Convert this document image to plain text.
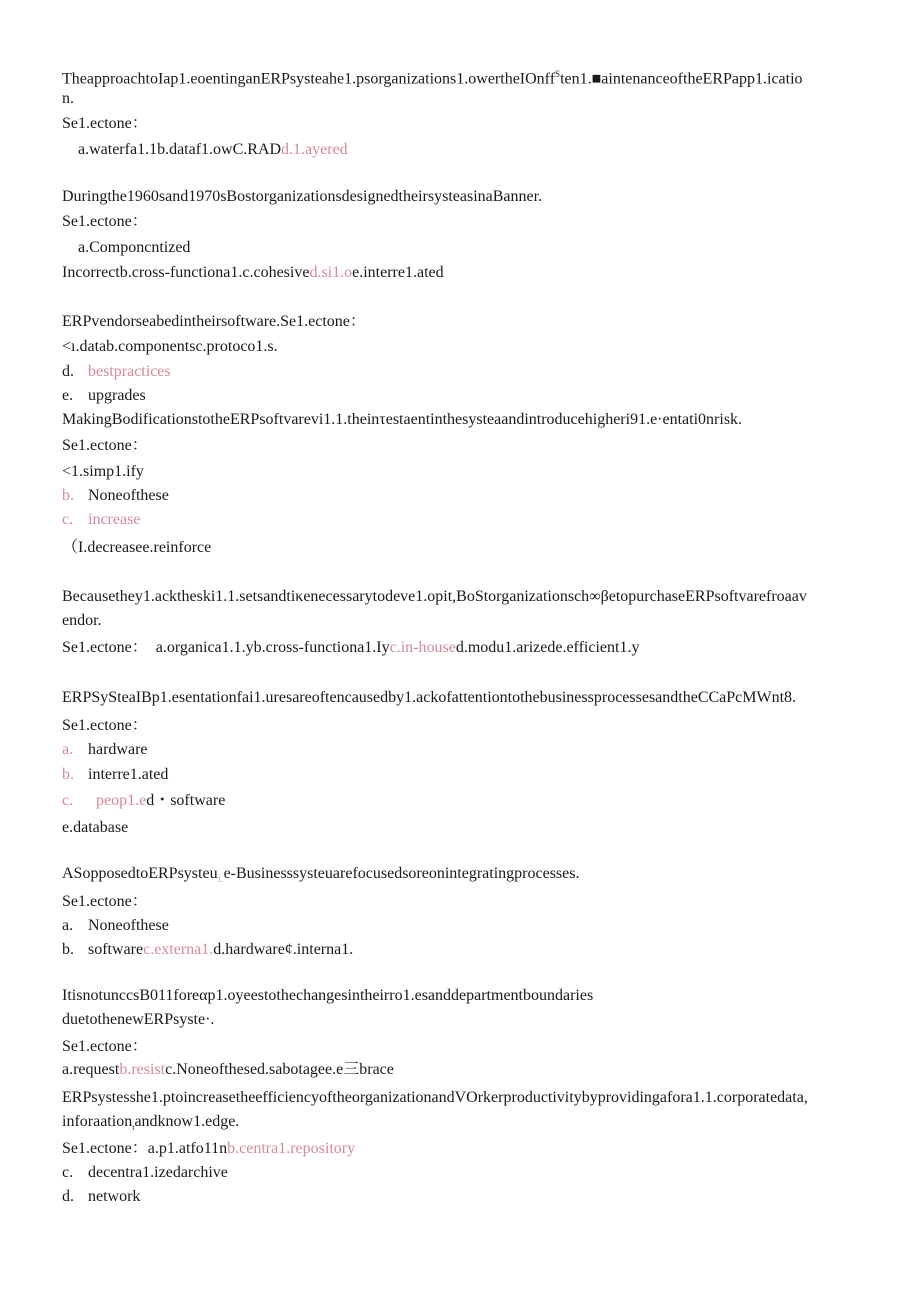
TheapproachtoIap1.eoentinganERPsysteahe1.psorganizations1.owertheIOnff$^S$ten1.■aintenanceoftheERPapp1.icatio
n.
Se1.ectone：
a.waterfa1.1b.dataf1.owC.RADd.1.ayered
Duringthe1960sand1970sBostorganizationsdesignedtheirsysteasinaBanner.
Se1.ectone：
a.Componcntized
Incorrectb.cross-functiona1.c.cohesived.si1.oe.interre1.ated
ERPvendorseabedintheirsoftware.Se1.ectone：
<ı.datab.componentsc.protoco1.s.
d. bestpractices
e. upgrades
MakingBodificationstotheERPsoftvarevi1.1.theinτestaentinthesysteaandintroducehigheri91.e·entati0nrisk.
Se1.ectone：
<1.simp1.ify
b. Noneofthese
c. increase
（I.decreasee.reinforce
Becausethey1.acktheski1.1.setsandtiκenecessarytodeve1.opit,BoStorganizationsch∞βetopurchaseERPsoftvarefroaav
endor.
Se1.ectone： a.organica1.1.yb.cross-functiona1.Iyc.in-housed.modu1.arizede.efficient1.y
ERPSySteaIBp1.esentationfai1.uresareoftencausedby1.ackofattentiontothebusinessprocessesandtheCCaPcMWnt8.
Se1.ectone：
a. hardware
b. interre1.ated
c. peop1.ed・software
e.database
ASopposedtoERPsysteu$_{1.}$e-Businesssysteuarefocusedsoreonintegratingprocesses.
Se1.ectone：
a. Noneofthese
b. softwarec.externa1.d.hardware¢.interna1.
ItisnotunccsB011foreαp1.oyeestothechangesintheirro1.esanddepartmentboundaries
duetothenewERPsyste·.
Se1.ectone：
a.requestb.resistc.Noneofthesed.sabotagee.e三brace
ERPsystesshe1.ptoincreasetheefficiencyoftheorganizationandVOrkerproductivitybyprovidingafora1.1.corporatedata,
inforaation$_t$andknow1.edge.
Se1.ectone：a.p1.atfo11nb.centra1.repository
c. decentra1.izedarchive
d. network
